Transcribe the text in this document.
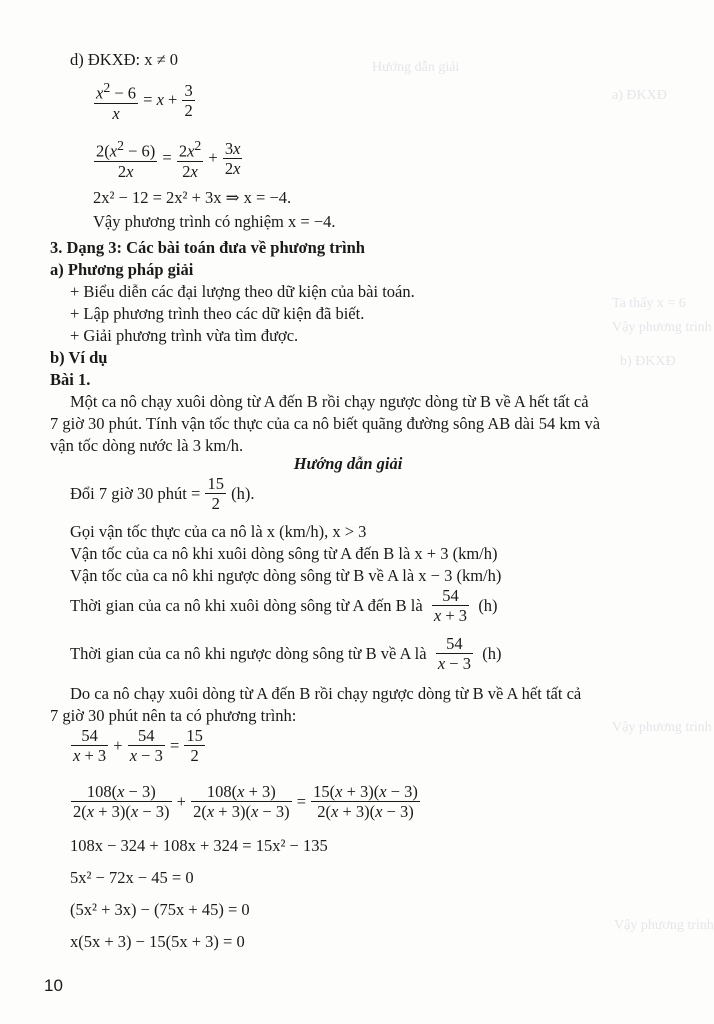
Hướng dẫn giải
a) ĐKXĐ
Ta thấy x = 6
Vậy phương trình
b) ĐKXĐ
Vậy phương trình
Vậy phương trình
d) ĐKXĐ: x ≠ 0
$\frac{x^2 - 6}{x} = x + \frac{3}{2}$
$\frac{2(x^2 - 6)}{2x} = \frac{2x^2}{2x} + \frac{3x}{2x}$
2x² − 12 = 2x² + 3x ⇒ x = −4.
Vậy phương trình có nghiệm x = −4.
3. Dạng 3: Các bài toán đưa về phương trình
a) Phương pháp giải
+ Biểu diễn các đại lượng theo dữ kiện của bài toán.
+ Lập phương trình theo các dữ kiện đã biết.
+ Giải phương trình vừa tìm được.
b) Ví dụ
Bài 1.
Một ca nô chạy xuôi dòng từ A đến B rồi chạy ngược dòng từ B về A hết tất cả
7 giờ 30 phút. Tính vận tốc thực của ca nô biết quãng đường sông AB dài 54 km và
vận tốc dòng nước là 3 km/h.
Hướng dẫn giải
Đổi 7 giờ 30 phút =
$\frac{15}{2}$
(h).
Gọi vận tốc thực của ca nô là x (km/h), x > 3
Vận tốc của ca nô khi xuôi dòng sông từ A đến B là x + 3 (km/h)
Vận tốc của ca nô khi ngược dòng sông từ B về A là x − 3 (km/h)
Thời gian của ca nô khi xuôi dòng sông từ A đến B là
$\frac{54}{x + 3}$
(h)
Thời gian của ca nô khi ngược dòng sông từ B về A là
$\frac{54}{x - 3}$
(h)
Do ca nô chạy xuôi dòng từ A đến B rồi chạy ngược dòng từ B về A hết tất cả
7 giờ 30 phút nên ta có phương trình:
$\frac{54}{x + 3} + \frac{54}{x - 3} = \frac{15}{2}$
$\frac{108(x - 3)}{2(x + 3)(x - 3)} + \frac{108(x + 3)}{2(x + 3)(x - 3)} = \frac{15(x + 3)(x - 3)}{2(x + 3)(x - 3)}$
108x − 324 + 108x + 324 = 15x² − 135
5x² − 72x − 45 = 0
(5x² + 3x) − (75x + 45) = 0
x(5x + 3) − 15(5x + 3) = 0
10
